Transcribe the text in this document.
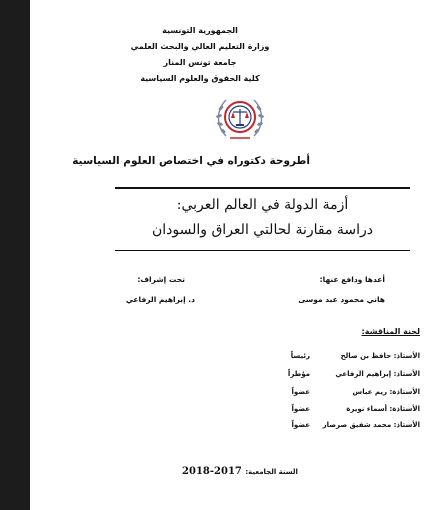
الجمهورية التونسية
وزارة التعليم العالي والبحث العلمي
جامعة تونس المنار
كلية الحقوق والعلوم السياسية
أطروحة دكتوراه في اختصاص العلوم السياسية
أزمة الدولة في العالم العربي:
دراسة مقارنة لحالتي العراق والسودان
أعدها ودافع عنها:
هاني محمود عبد موسى
تحت إشراف:
د. إبراهيم الرفاعي
لجنة المناقشة:
الأستاذ: حافظ بن صالح
رئيساً
الأستاذ: إبراهيم الرفاعي
مؤطراً
الأستاذة: ريم عباس
عضواً
الأستاذة: أسماء نويرة
عضواً
الأستاذ: محمد شفيق صرصار
عضواً
السنة الجامعية: 2018-2017
